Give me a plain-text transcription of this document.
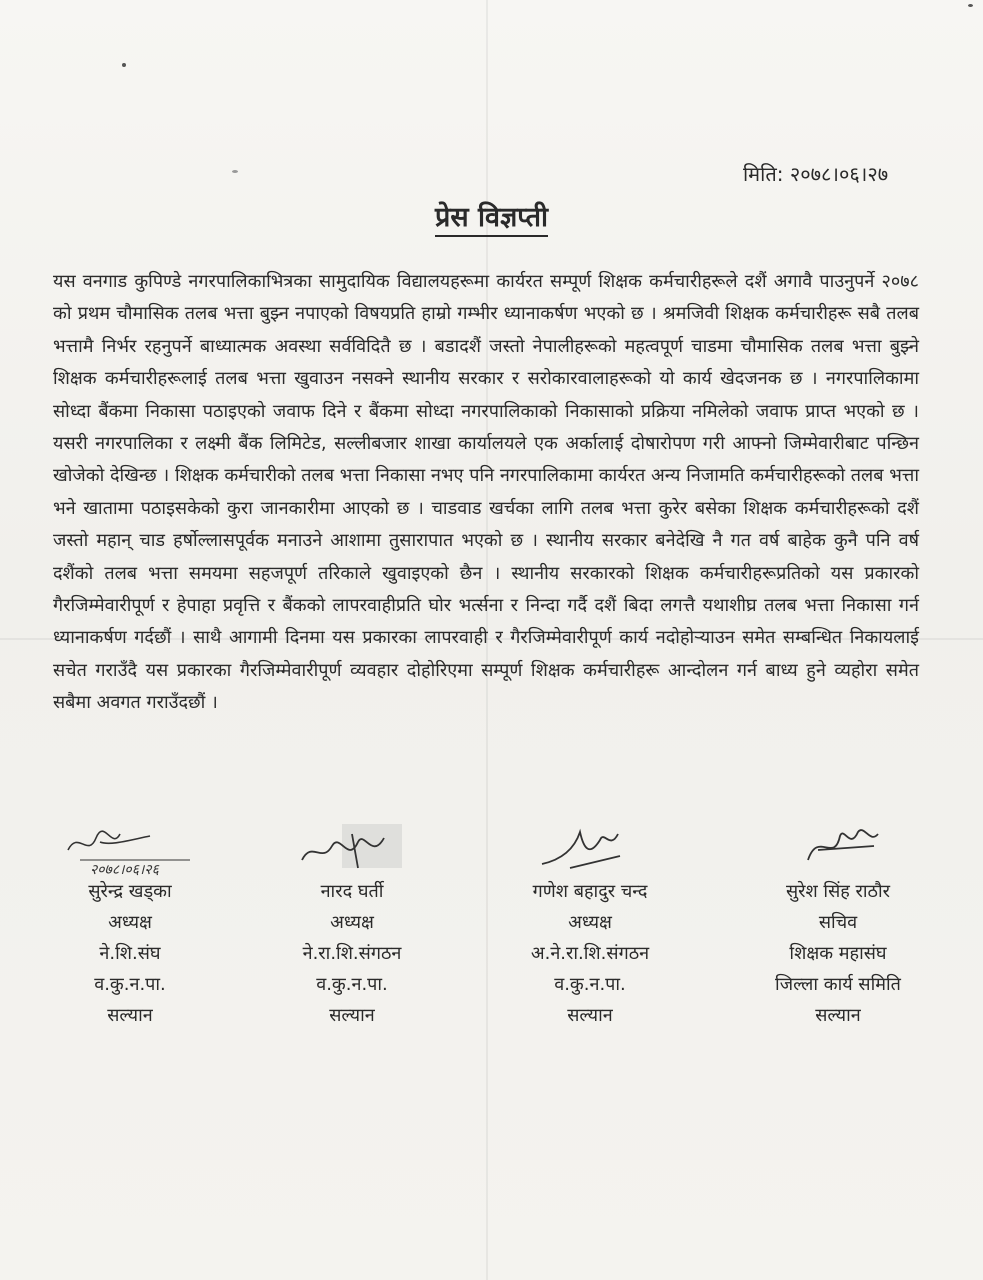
मिति: २०७८।०६।२७
प्रेस विज्ञप्ती

यस वनगाड कुपिण्डे नगरपालिकाभित्रका सामुदायिक विद्यालयहरूमा कार्यरत सम्पूर्ण शिक्षक कर्मचारीहरूले दशैं अगावै पाउनुपर्ने २०७८ को प्रथम चौमासिक तलब भत्ता बुझ्न नपाएको विषयप्रति हाम्रो गम्भीर ध्यानाकर्षण भएको छ । श्रमजिवी शिक्षक कर्मचारीहरू सबै तलब भत्तामै निर्भर रहनुपर्ने बाध्यात्मक अवस्था सर्वविदितै छ । बडादशैं जस्तो नेपालीहरूको महत्वपूर्ण चाडमा चौमासिक तलब भत्ता बुझ्ने शिक्षक कर्मचारीहरूलाई तलब भत्ता खुवाउन नसक्ने स्थानीय सरकार र सरोकारवालाहरूको यो कार्य खेदजनक छ । नगरपालिकामा सोध्दा बैंकमा निकासा पठाइएको जवाफ दिने र बैंकमा सोध्दा नगरपालिकाको निकासाको प्रक्रिया नमिलेको जवाफ प्राप्त भएको छ । यसरी नगरपालिका र लक्ष्मी बैंक लिमिटेड, सल्लीबजार शाखा कार्यालयले एक अर्कालाई दोषारोपण गरी आफ्नो जिम्मेवारीबाट पन्छिन खोजेको देखिन्छ । शिक्षक कर्मचारीको तलब भत्ता निकासा नभए पनि नगरपालिकामा कार्यरत अन्य निजामति कर्मचारीहरूको तलब भत्ता भने खातामा पठाइसकेको कुरा जानकारीमा आएको छ । चाडवाड खर्चका लागि तलब भत्ता कुरेर बसेका शिक्षक कर्मचारीहरूको दशैं जस्तो महान् चाड हर्षोल्लासपूर्वक मनाउने आशामा तुसारापात भएको छ । स्थानीय सरकार बनेदेखि नै गत वर्ष बाहेक कुनै पनि वर्ष दशैंको तलब भत्ता समयमा सहजपूर्ण तरिकाले खुवाइएको छैन । स्थानीय सरकारको शिक्षक कर्मचारीहरूप्रतिको यस प्रकारको गैरजिम्मेवारीपूर्ण र हेपाहा प्रवृत्ति र बैंकको लापरवाहीप्रति घोर भर्त्सना र निन्दा गर्दै दशैं बिदा लगत्तै यथाशीघ्र तलब भत्ता निकासा गर्न ध्यानाकर्षण गर्दछौं । साथै आगामी दिनमा यस प्रकारका लापरवाही र गैरजिम्मेवारीपूर्ण कार्य नदोहोऱ्याउन समेत सम्बन्धित निकायलाई सचेत गराउँदै यस प्रकारका गैरजिम्मेवारीपूर्ण व्यवहार दोहोरिएमा सम्पूर्ण शिक्षक कर्मचारीहरू आन्दोलन गर्न बाध्य हुने व्यहोरा समेत सबैमा अवगत गराउँदछौं ।

२०७८।०६।२६
सुरेन्द्र खड्का
अध्यक्ष
ने.शि.संघ
व.कु.न.पा.
सल्यान
नारद घर्ती
अध्यक्ष
ने.रा.शि.संगठन
व.कु.न.पा.
सल्यान
गणेश बहादुर चन्द
अध्यक्ष
अ.ने.रा.शि.संगठन
व.कु.न.पा.
सल्यान
सुरेश सिंह राठौर
सचिव
शिक्षक महासंघ
जिल्ला कार्य समिति
सल्यान
